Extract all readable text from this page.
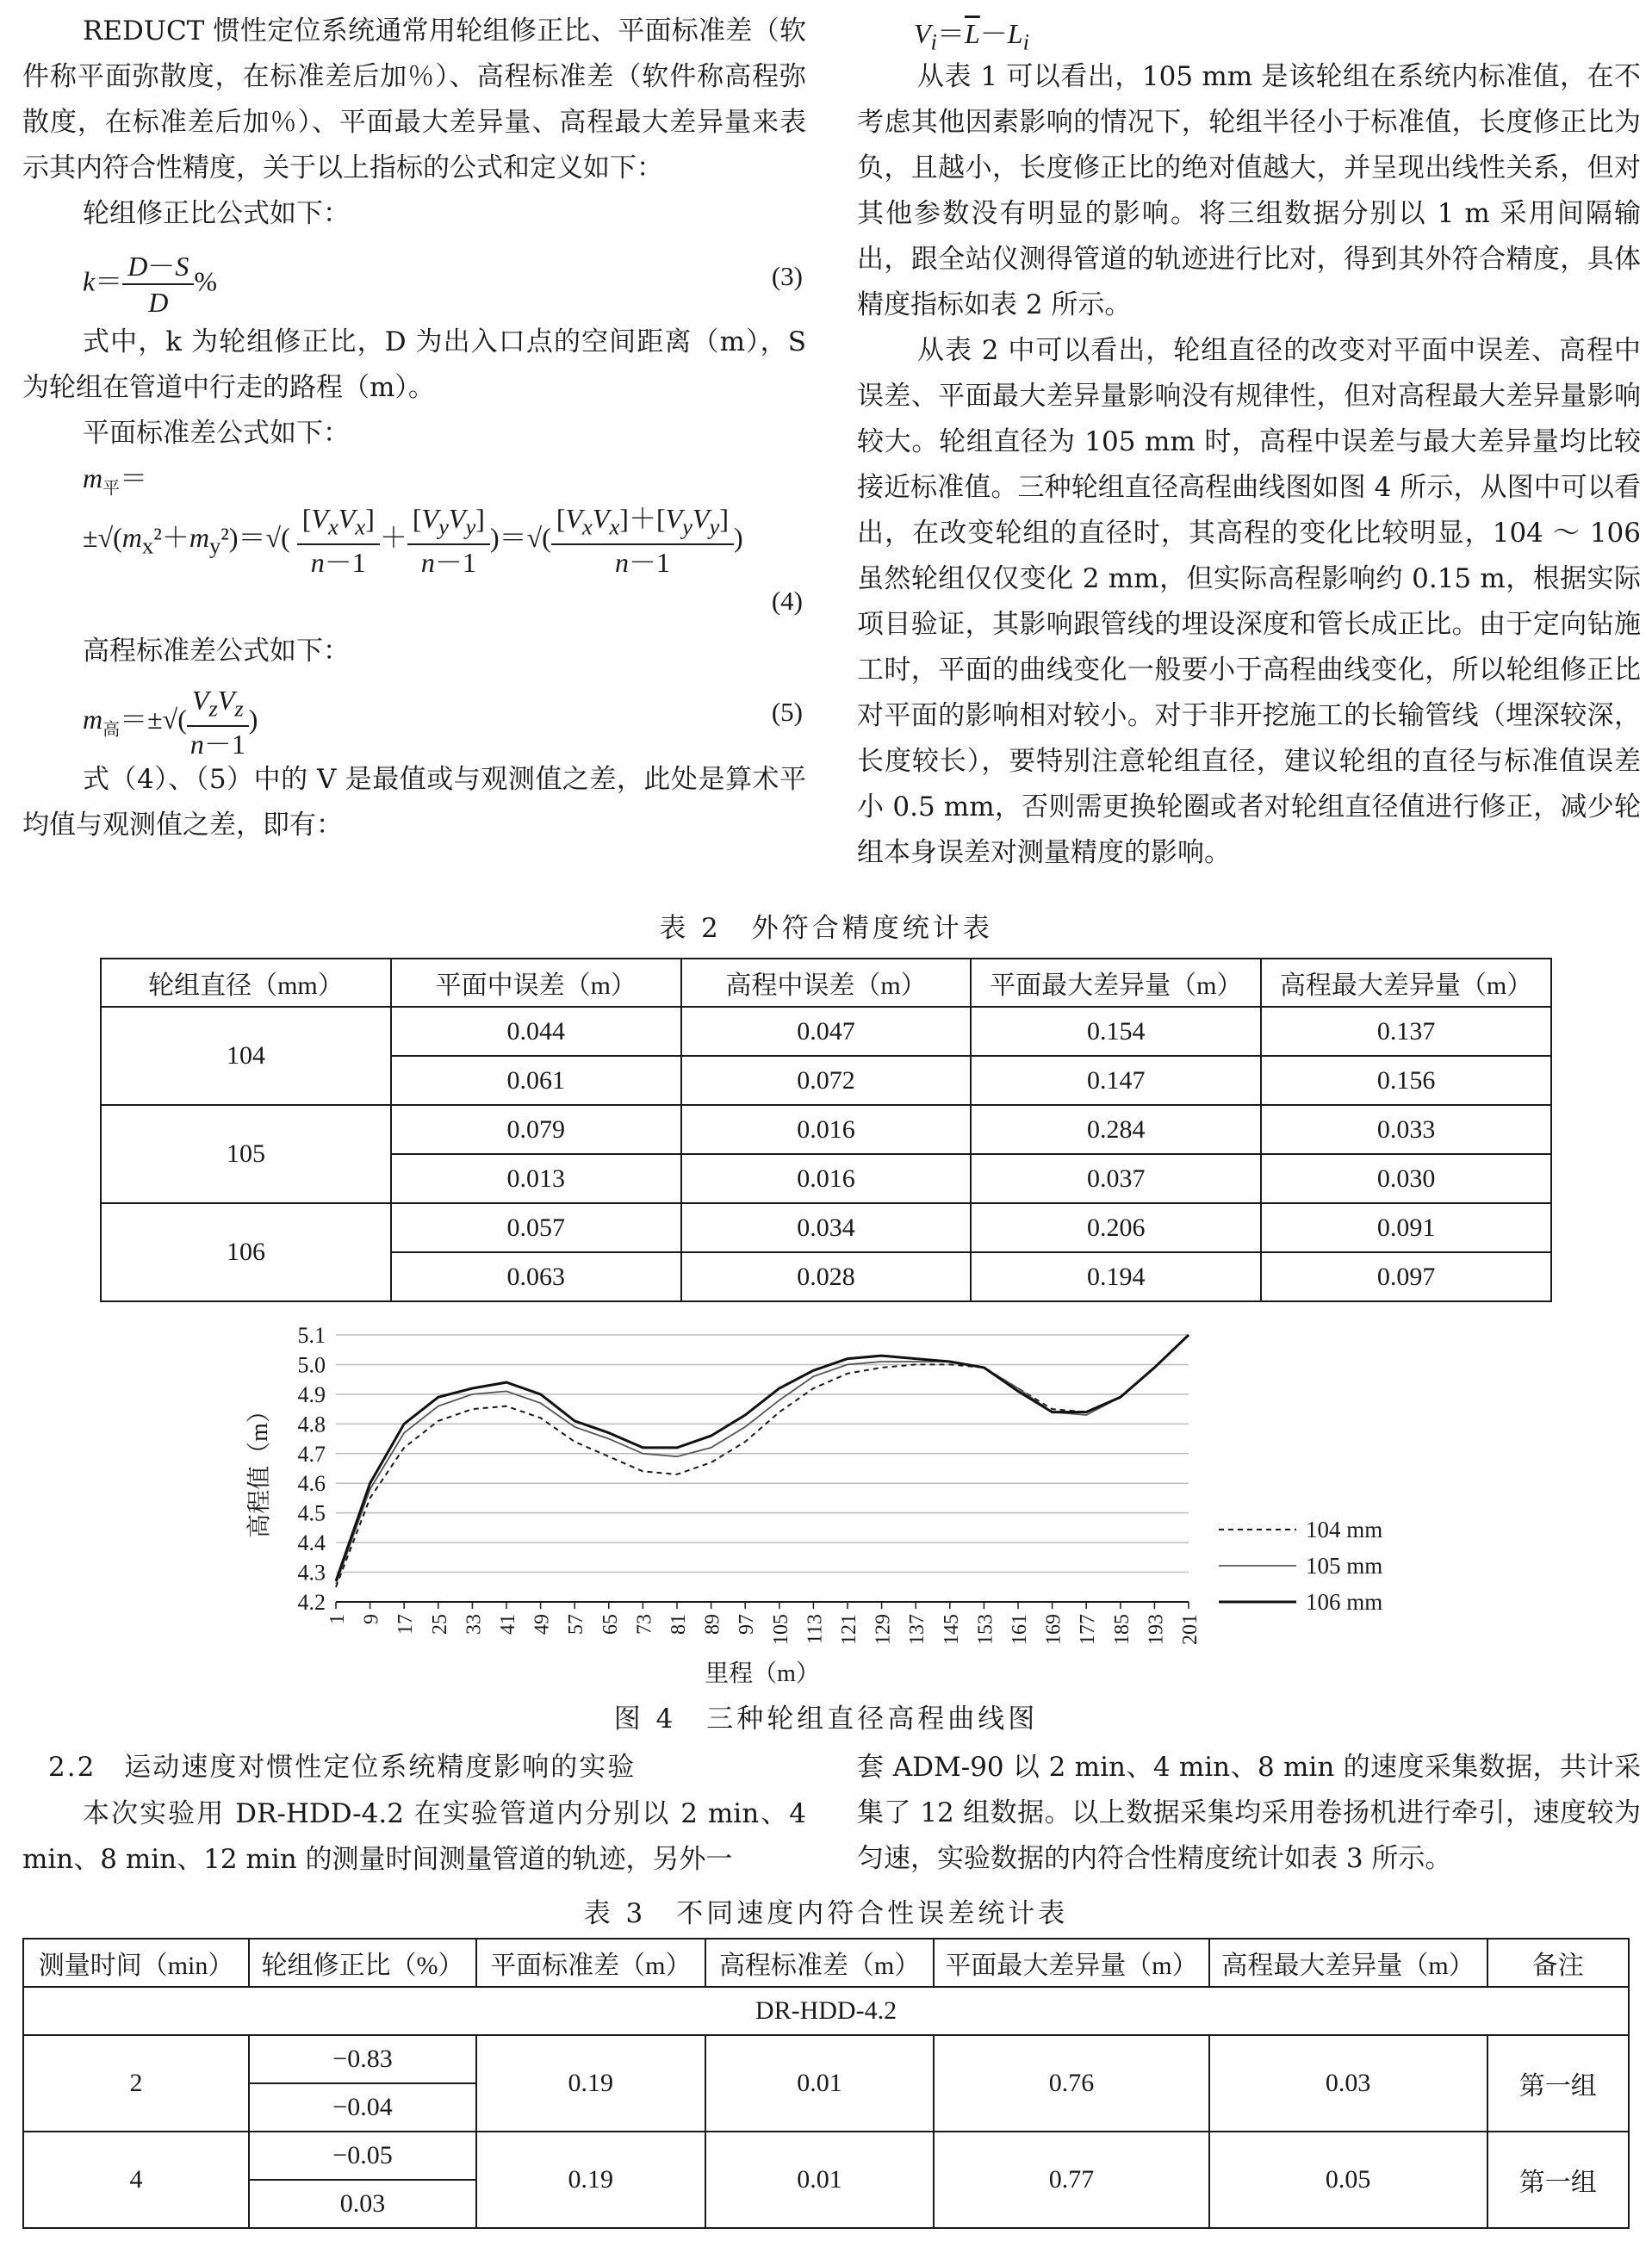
REDUCT 惯性定位系统通常用轮组修正比、平面标准差（软件称平面弥散度，在标准差后加％）、高程标准差（软件称高程弥散度，在标准差后加％）、平面最大差异量、高程最大差异量来表示其内符合性精度，关于以上指标的公式和定义如下：

轮组修正比公式如下：

$k= \frac{D-S}{D}$ %	(3)

式中，k 为轮组修正比，D 为出入口点的空间距离（m），S 为轮组在管道中行走的路程（m）。

平面标准差公式如下：

$m_平=$
$\pm√(m_x^2+m_y^2)=√( \frac{[V_xV_x]}{n-1} + \frac{[V_yV_y]}{n-1}$ )＝√( $\frac{[V_xV_x]+[V_yV_y]}{n-1}$ )
(4)

高程标准差公式如下：

$m_高=\pm√( \frac{V_zV_z}{n-1}$ )	(5)

式（4）、（5）中的 V 是最值或与观测值之差，此处是算术平均值与观测值之差，即有：

$V_i=\overline{L}-L_i$

从表 1 可以看出，105 mm 是该轮组在系统内标准值，在不考虑其他因素影响的情况下，轮组半径小于标准值，长度修正比为负，且越小，长度修正比的绝对值越大，并呈现出线性关系，但对其他参数没有明显的影响。将三组数据分别以 1 m 采用间隔输出，跟全站仪测得管道的轨迹进行比对，得到其外符合精度，具体精度指标如表 2 所示。

从表 2 中可以看出，轮组直径的改变对平面中误差、高程中误差、平面最大差异量影响没有规律性，但对高程最大差异量影响较大。轮组直径为 105 mm 时，高程中误差与最大差异量均比较接近标准值。三种轮组直径高程曲线图如图 4 所示，从图中可以看出，在改变轮组的直径时，其高程的变化比较明显，104 ～ 106 虽然轮组仅仅变化 2 mm，但实际高程影响约 0.15 m，根据实际项目验证，其影响跟管线的埋设深度和管长成正比。由于定向钻施工时，平面的曲线变化一般要小于高程曲线变化，所以轮组修正比对平面的影响相对较小。对于非开挖施工的长输管线（埋深较深，长度较长），要特别注意轮组直径，建议轮组的直径与标准值误差小 0.5 mm，否则需更换轮圈或者对轮组直径值进行修正，减少轮组本身误差对测量精度的影响。

表 2　外符合精度统计表
轮组直径（mm）	平面中误差（m）	高程中误差（m）	平面最大差异量（m）	高程最大差异量（m）
104	0.044	0.047	0.154	0.137
	0.061	0.072	0.147	0.156
105	0.079	0.016	0.284	0.033
	0.013	0.016	0.037	0.030
106	0.057	0.034	0.206	0.091
	0.063	0.028	0.194	0.097
4.2
4.3
4.4
4.5
4.6
4.7
4.8
4.9
5.0
5.1
1 9 17 25 33 41 49 57 65 73 81 89 97 105 113 121 129 137 145 153 161 169 177 185 193 201
104 mm
105 mm
106 mm
高程值（m）
里程（m）
图 4　三种轮组直径高程曲线图
2.2　运动速度对惯性定位系统精度影响的实验

本次实验用 DR-HDD-4.2 在实验管道内分别以 2 min、4 min、8 min、12 min 的测量时间测量管道的轨迹，另外一

套 ADM-90 以 2 min、4 min、8 min 的速度采集数据，共计采集了 12 组数据。以上数据采集均采用卷扬机进行牵引，速度较为匀速，实验数据的内符合性精度统计如表 3 所示。

表 3　不同速度内符合性误差统计表
测量时间（min）	轮组修正比（%）	平面标准差（m）	高程标准差（m）	平面最大差异量（m）	高程最大差异量（m）	备注
DR-HDD-4.2						
2	−0.83	0.19	0.01	0.76	0.03	第一组
	−0.04					
4	−0.05	0.19	0.01	0.77	0.05	第一组
	0.03					
